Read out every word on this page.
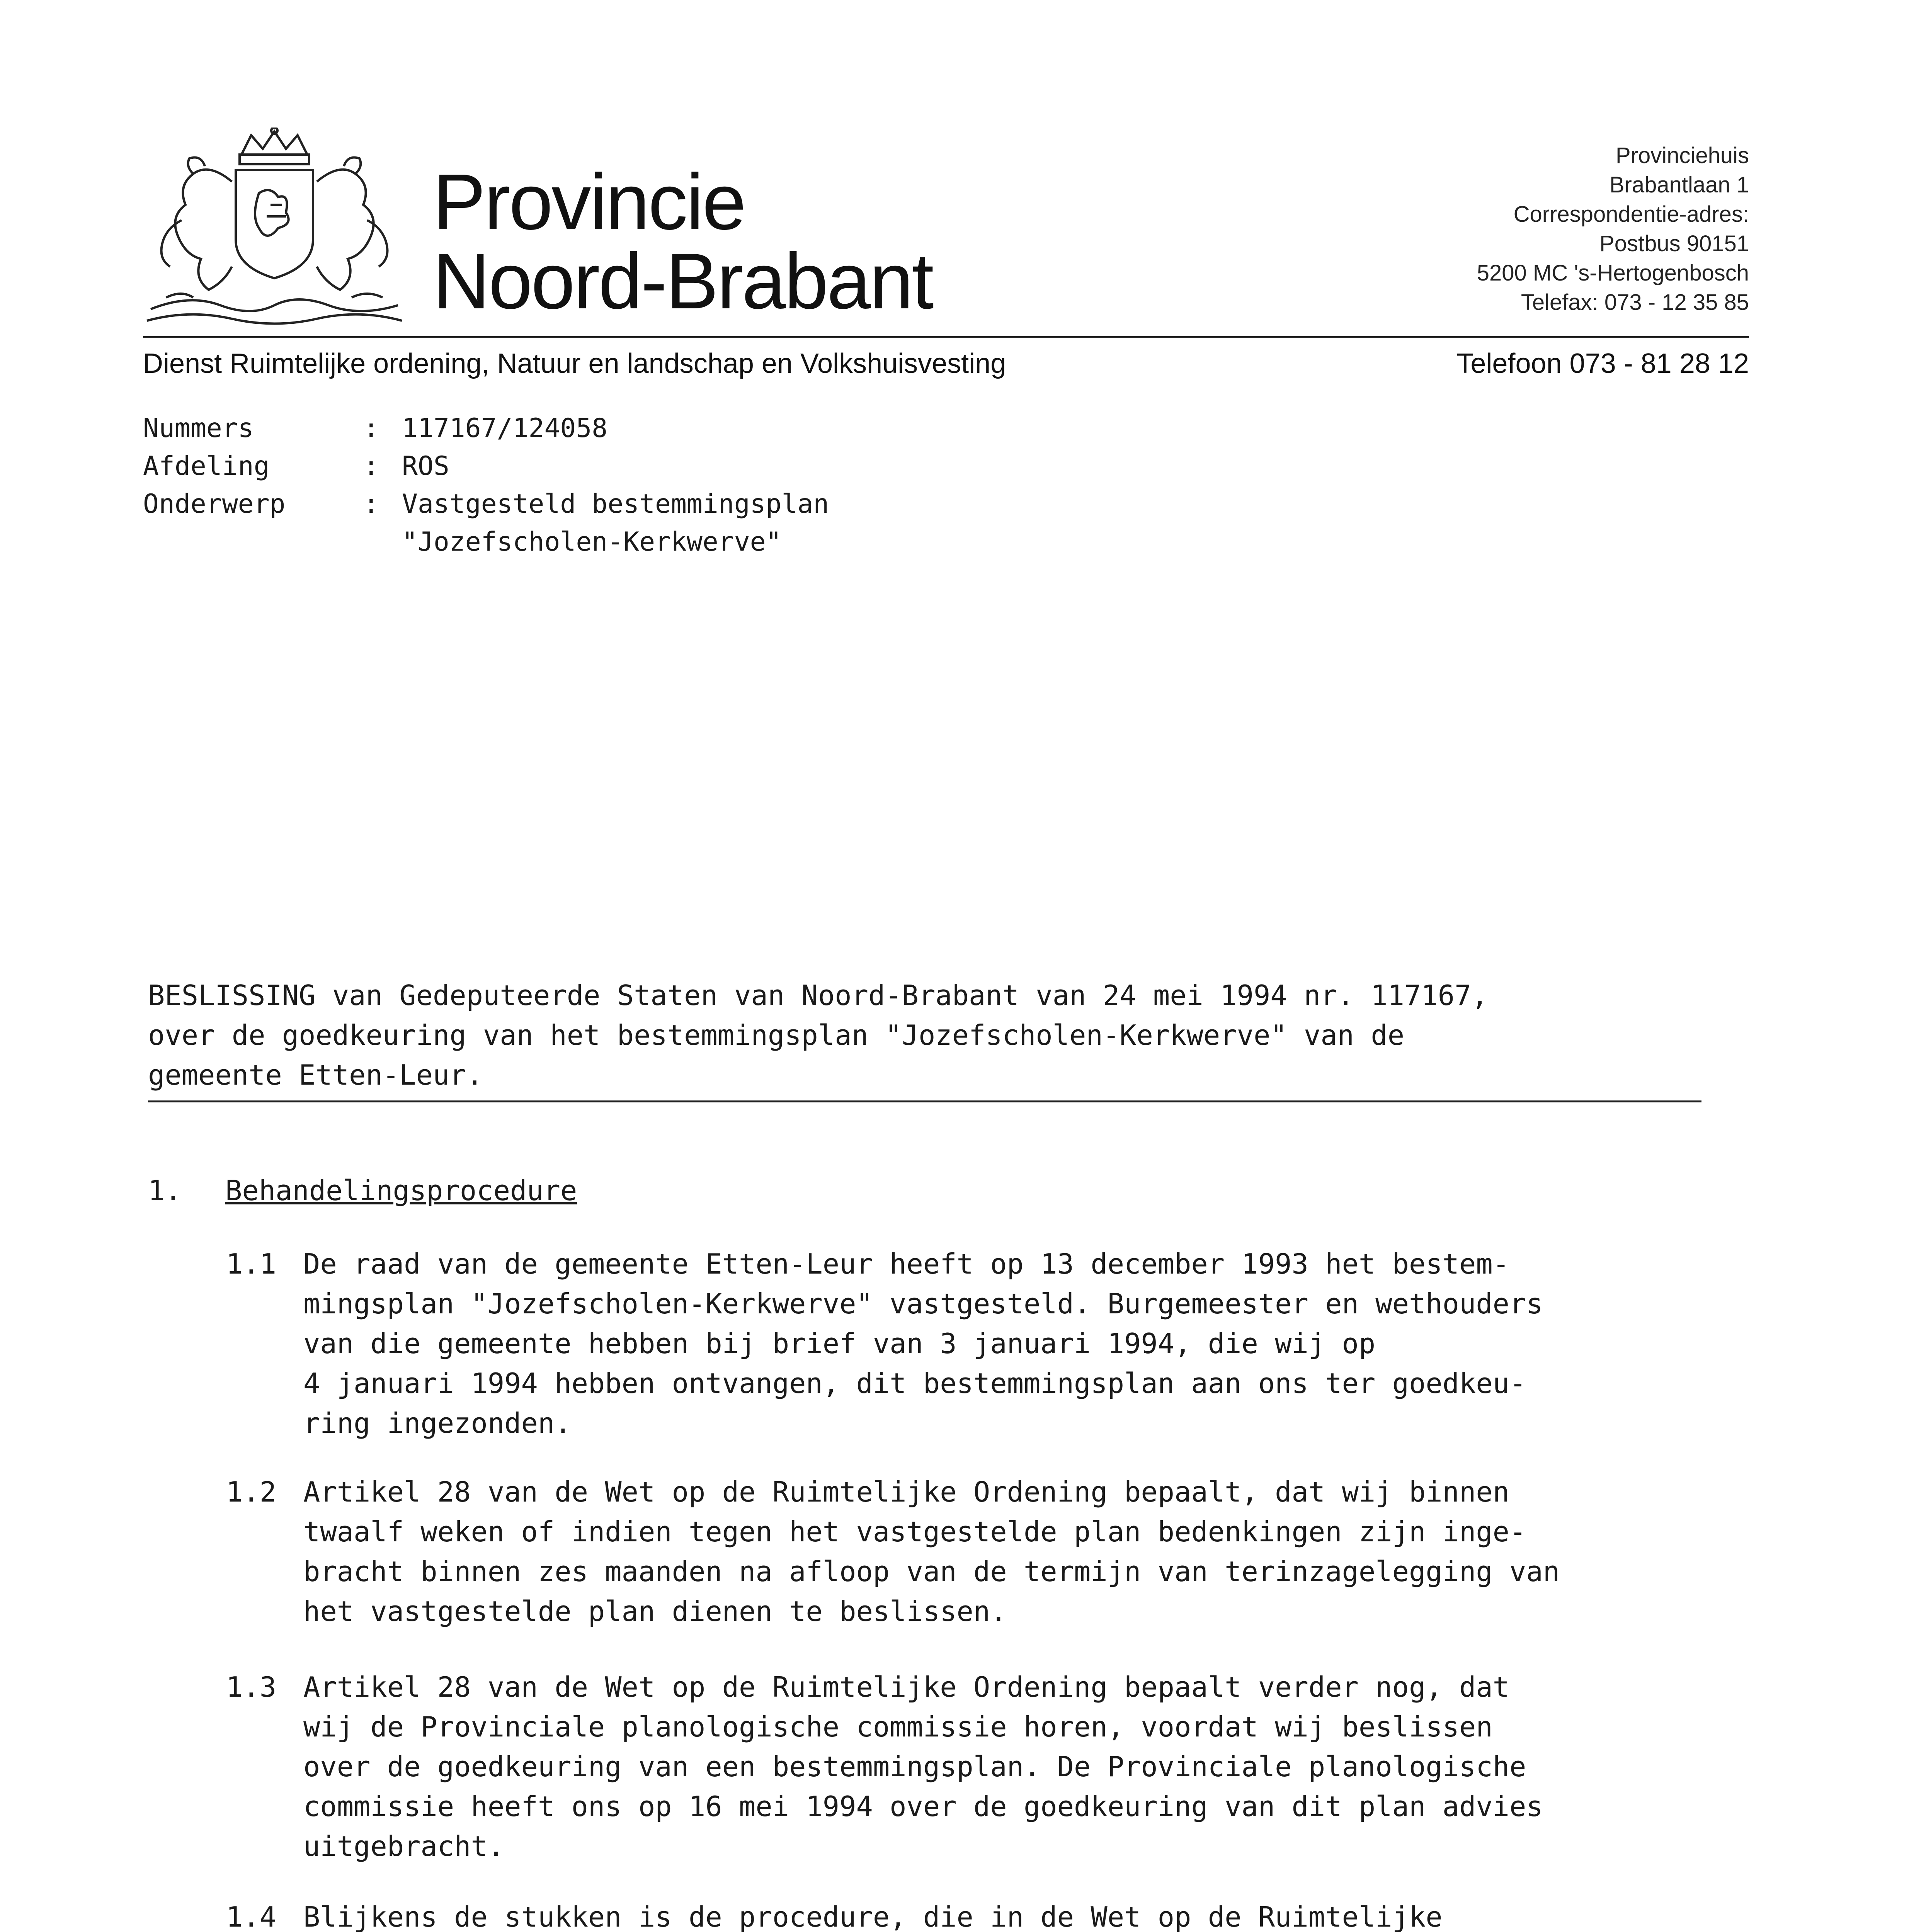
Provincie
Noord-Brabant
Provinciehuis
Brabantlaan 1
Correspondentie-adres:
Postbus 90151
5200 MC 's-Hertogenbosch
Telefax: 073 - 12 35 85
Dienst Ruimtelijke ordening, Natuur en landschap en Volkshuisvesting	Telefoon 073 - 81 28 12
Nummers	: 117167/124058
Afdeling	: ROS
Onderwerp	: Vastgesteld bestemmingsplan
"Jozefscholen-Kerkwerve"
BESLISSING van Gedeputeerde Staten van Noord-Brabant van 24 mei 1994 nr. 117167,
over de goedkeuring van het bestemmingsplan "Jozefscholen-Kerkwerve" van de
gemeente Etten-Leur.
1. Behandelingsprocedure
1.1 De raad van de gemeente Etten-Leur heeft op 13 december 1993 het bestem-
mingsplan "Jozefscholen-Kerkwerve" vastgesteld. Burgemeester en wethouders
van die gemeente hebben bij brief van 3 januari 1994, die wij op
4 januari 1994 hebben ontvangen, dit bestemmingsplan aan ons ter goedkeu-
ring ingezonden.
1.2 Artikel 28 van de Wet op de Ruimtelijke Ordening bepaalt, dat wij binnen
twaalf weken of indien tegen het vastgestelde plan bedenkingen zijn inge-
bracht binnen zes maanden na afloop van de termijn van terinzagelegging van
het vastgestelde plan dienen te beslissen.
1.3 Artikel 28 van de Wet op de Ruimtelijke Ordening bepaalt verder nog, dat
wij de Provinciale planologische commissie horen, voordat wij beslissen
over de goedkeuring van een bestemmingsplan. De Provinciale planologische
commissie heeft ons op 16 mei 1994 over de goedkeuring van dit plan advies
uitgebracht.
1.4 Blijkens de stukken is de procedure, die in de Wet op de Ruimtelijke
